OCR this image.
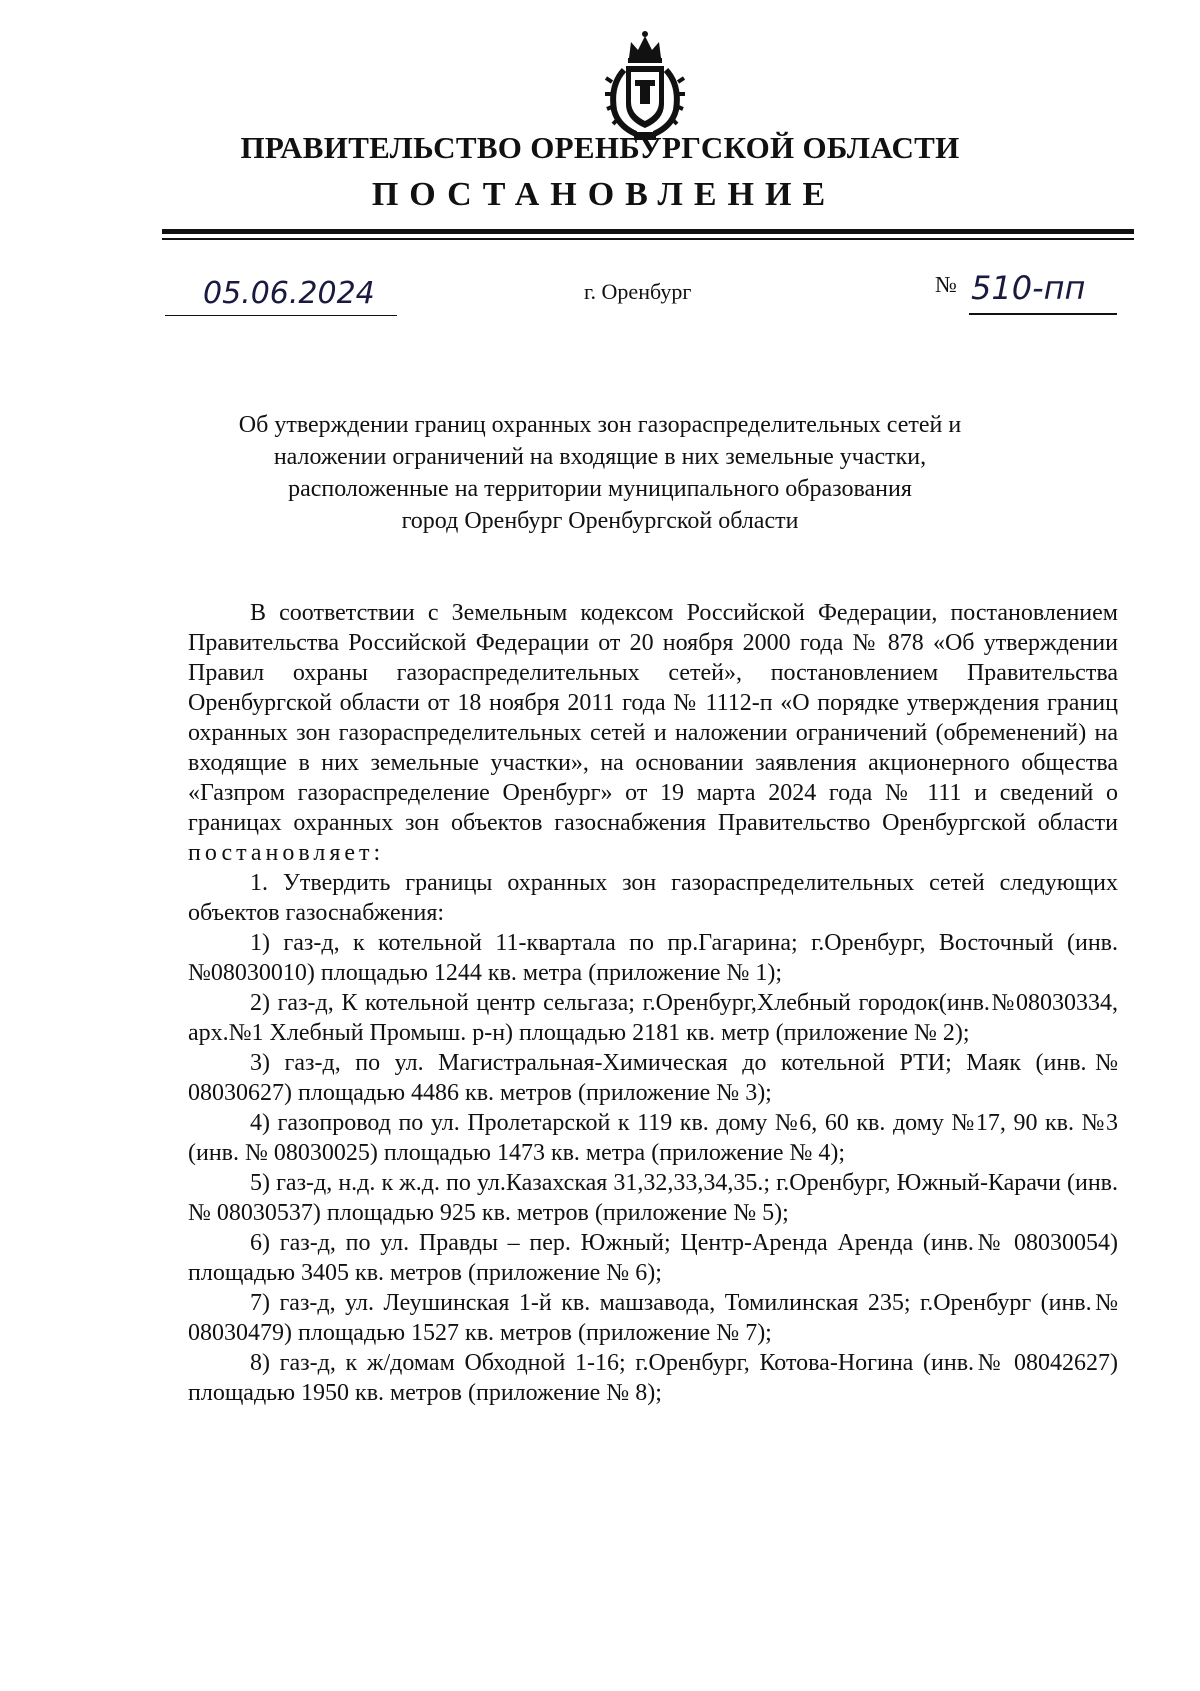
ПРАВИТЕЛЬСТВО ОРЕНБУРГСКОЙ ОБЛАСТИ
ПОСТАНОВЛЕНИЕ
05.06.2024	г. Оренбург	№ 510-пп
Об утверждении границ охранных зон газораспределительных сетей и
наложении ограничений на входящие в них земельные участки,
расположенные на территории муниципального образования
город Оренбург Оренбургской области

В соответствии с Земельным кодексом Российской Федерации, постановлением Правительства Российской Федерации от 20 ноября 2000 года № 878 «Об утверждении Правил охраны газораспределительных сетей», постановлением Правительства Оренбургской области от 18 ноября 2011 года № 1112-п «О порядке утверждения границ охранных зон газораспределительных сетей и наложении ограничений (обременений) на входящие в них земельные участки», на основании заявления акционерного общества «Газпром газораспределение Оренбург» от 19 марта 2024 года № 111 и сведений о границах охранных зон объектов газоснабжения Правительство Оренбургской области постановляет:

1. Утвердить границы охранных зон газораспределительных сетей следующих объектов газоснабжения:

1) газ-д, к котельной 11-квартала по пр.Гагарина; г.Оренбург, Восточный (инв. №08030010) площадью 1244 кв. метра (приложение № 1);

2) газ-д, К котельной центр сельгаза; г.Оренбург,Хлебный городок(инв.№08030334, арх.№1 Хлебный Промыш. р-н) площадью 2181 кв. метр (приложение № 2);

3) газ-д, по ул. Магистральная-Химическая до котельной РТИ; Маяк (инв.№ 08030627) площадью 4486 кв. метров (приложение № 3);

4) газопровод по ул. Пролетарской к 119 кв. дому №6, 60 кв. дому №17, 90 кв. №3 (инв. № 08030025) площадью 1473 кв. метра (приложение № 4);

5) газ-д, н.д. к ж.д. по ул.Казахская 31,32,33,34,35.; г.Оренбург, Южный-Карачи (инв.№ 08030537) площадью 925 кв. метров (приложение № 5);

6) газ-д, по ул. Правды – пер. Южный; Центр-Аренда Аренда (инв.№ 08030054) площадью 3405 кв. метров (приложение № 6);

7) газ-д, ул. Леушинская 1-й кв. машзавода, Томилинская 235; г.Оренбург (инв.№ 08030479) площадью 1527 кв. метров (приложение № 7);

8) газ-д, к ж/домам Обходной 1-16; г.Оренбург, Котова-Ногина (инв.№ 08042627) площадью 1950 кв. метров (приложение № 8);
